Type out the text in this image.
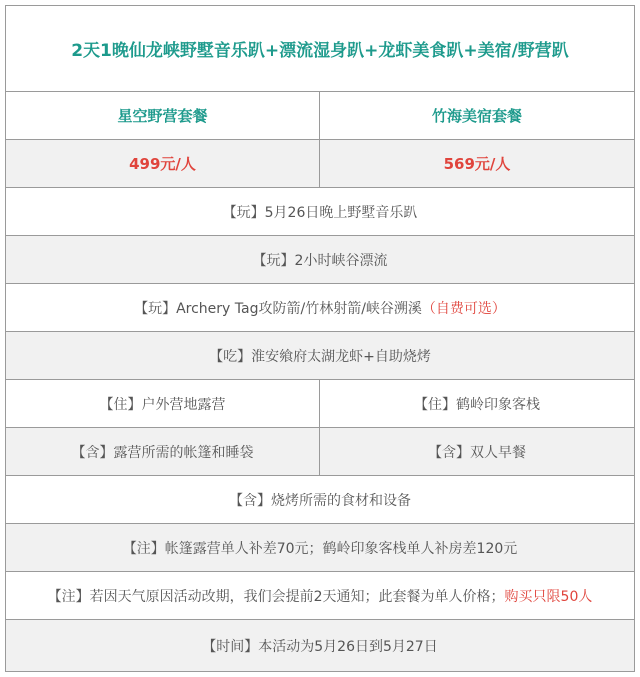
2天1晚仙龙峡野墅音乐趴+漂流湿身趴+龙虾美食趴+美宿/野营趴
星空野营套餐	竹海美宿套餐
499元/人	569元/人
【玩】5月26日晚上野墅音乐趴
【玩】2小时峡谷漂流
【玩】Archery Tag攻防箭/竹林射箭/峡谷溯溪 （自费可选）
【吃】淮安飨府太湖龙虾+自助烧烤
【住】户外营地露营	【住】鹤岭印象客栈
【含】露营所需的帐篷和睡袋	【含】双人早餐
【含】烧烤所需的食材和设备
【注】帐篷露营单人补差70元；鹤岭印象客栈单人补房差120元
【注】若因天气原因活动改期，我们会提前2天通知；此套餐为单人价格； 购买只限50人
【时间】本活动为5月26日到5月27日
